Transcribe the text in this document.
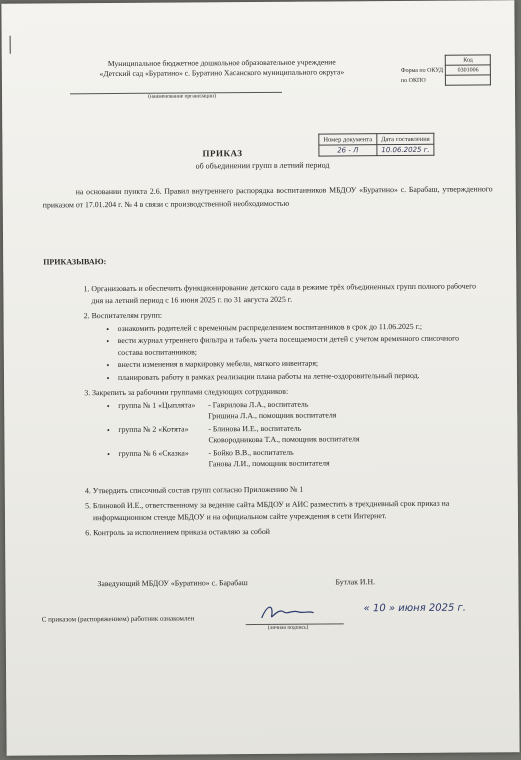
Муниципальное бюджетное дошкольное образовательное учреждение
«Детский сад «Буратино» с. Буратино Хасанского муниципального округа»
(наименование организации)
	Код
Форма по ОКУД	0301006
по ОКПО	
Номер документа	Дата составления
26 - Л	10.06.2025 г.
ПРИКАЗ
об объединении групп в летний период
на основании пункта 2.6. Правил внутреннего распорядка воспитанников МБДОУ «Буратино» с. Барабаш, утвержденного приказом от 17.01.204 г. № 4 в связи с производственной необходимостью
ПРИКАЗЫВАЮ:
1. Организовать и обеспечить функционирование детского сада в режиме трёх объединенных групп полного рабочего дня на летний период с 16 июня 2025 г. по 31 августа 2025 г.
2. Воспитателям групп:
• ознакомить родителей с временным распределением воспитанников в срок до 11.06.2025 г.;
• вести журнал утреннего фильтра и табель учета посещаемости детей с учетом временного списочного состава воспитанников;
• внести изменения в маркировку мебели, мягкого инвентаря;
• планировать работу в рамках реализации плана работы на летне-оздоровительный период.
3. Закрепить за рабочими группами следующих сотрудников:
• группа № 1 «Цыплята»	- Гаврилова Л.А., воспитатель
Гришина Л.А., помощник воспитателя
• группа № 2 «Котята»	- Блинова И.Е., воспитатель
Сковородникова Т.А., помощник воспитателя
• группа № 6 «Сказка»	- Бойко В.В., воспитатель
Ганова Л.И., помощник воспитателя
4. Утвердить списочный состав групп согласно Приложению № 1
5. Блиновой И.Е., ответственному за ведение сайта МБДОУ и АИС разместить в трехдневный срок приказ на информационном стенде МБДОУ и на официальном сайте учреждения в сети Интернет.
6. Контроль за исполнением приказа оставляю за собой
Заведующий МБДОУ «Буратино» с. Барабаш	Бутлак И.Н.
С приказом (распоряжением) работник ознакомлен
(личная подпись)
« 10 » июня 2025 г.
